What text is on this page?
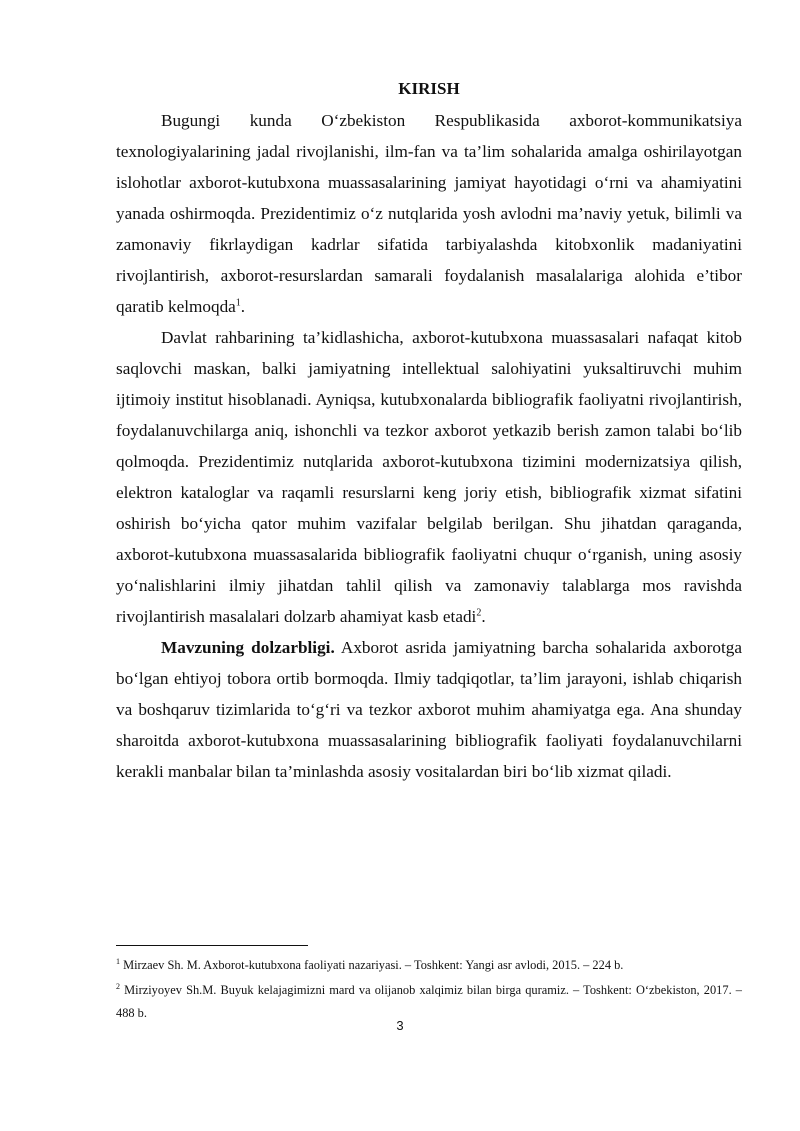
KIRISH

Bugungi kunda O‘zbekiston Respublikasida axborot-kommunikatsiya texnologiyalarining jadal rivojlanishi, ilm-fan va ta’lim sohalarida amalga oshirilayotgan islohotlar axborot-kutubxona muassasalarining jamiyat hayotidagi o‘rni va ahamiyatini yanada oshirmoqda. Prezidentimiz o‘z nutqlarida yosh avlodni ma’naviy yetuk, bilimli va zamonaviy fikrlaydigan kadrlar sifatida tarbiyalashda kitobxonlik madaniyatini rivojlantirish, axborot-resurslardan samarali foydalanish masalalariga alohida e’tibor qaratib kelmoqda$^1$.

Davlat rahbarining ta’kidlashicha, axborot-kutubxona muassasalari nafaqat kitob saqlovchi maskan, balki jamiyatning intellektual salohiyatini yuksaltiruvchi muhim ijtimoiy institut hisoblanadi. Ayniqsa, kutubxonalarda bibliografik faoliyatni rivojlantirish, foydalanuvchilarga aniq, ishonchli va tezkor axborot yetkazib berish zamon talabi bo‘lib qolmoqda. Prezidentimiz nutqlarida axborot-kutubxona tizimini modernizatsiya qilish, elektron kataloglar va raqamli resurslarni keng joriy etish, bibliografik xizmat sifatini oshirish bo‘yicha qator muhim vazifalar belgilab berilgan. Shu jihatdan qaraganda, axborot-kutubxona muassasalarida bibliografik faoliyatni chuqur o‘rganish, uning asosiy yo‘nalishlarini ilmiy jihatdan tahlil qilish va zamonaviy talablarga mos ravishda rivojlantirish masalalari dolzarb ahamiyat kasb etadi$^2$.

Mavzuning dolzarbligi. Axborot asrida jamiyatning barcha sohalarida axborotga bo‘lgan ehtiyoj tobora ortib bormoqda. Ilmiy tadqiqotlar, ta’lim jarayoni, ishlab chiqarish va boshqaruv tizimlarida to‘g‘ri va tezkor axborot muhim ahamiyatga ega. Ana shunday sharoitda axborot-kutubxona muassasalarining bibliografik faoliyati foydalanuvchilarni kerakli manbalar bilan ta’minlashda asosiy vositalardan biri bo‘lib xizmat qiladi.

$^1$ Mirzaev Sh. M. Axborot-kutubxona faoliyati nazariyasi. – Toshkent: Yangi asr avlodi, 2015. – 224 b.

$^2$ Mirziyoyev Sh.M. Buyuk kelajagimizni mard va olijanob xalqimiz bilan birga quramiz. – Toshkent: O‘zbekiston, 2017. – 488 b.

3
